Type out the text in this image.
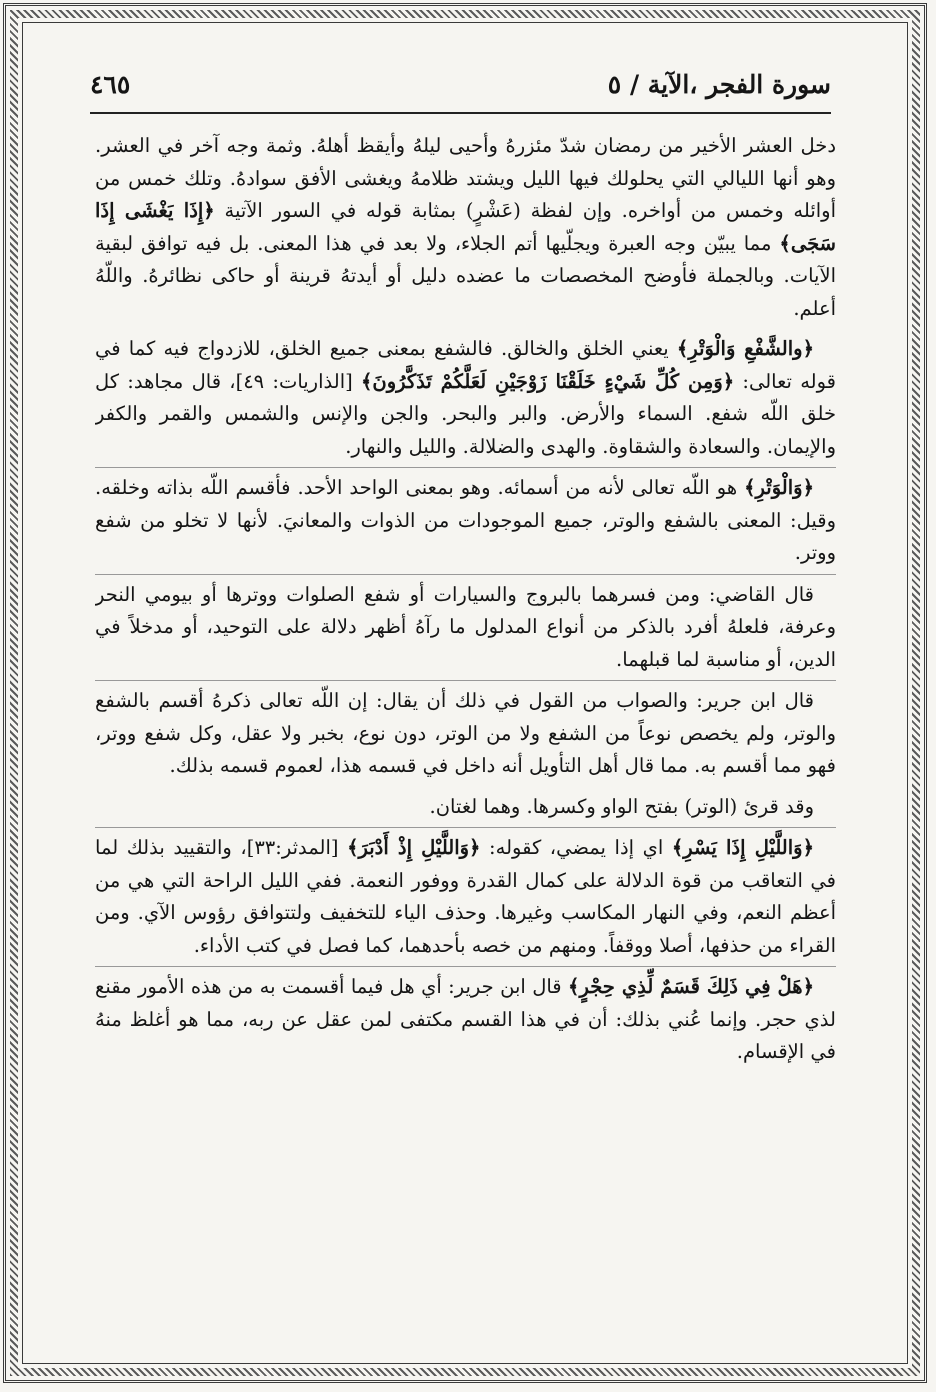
سورة الفجر ،الآية / ٥
٤٦٥

دخل العشر الأخير من رمضان شدّ مئزرهُ وأحيى ليلهُ وأيقظ أهلهُ. وثمة وجه آخر في العشر. وهو أنها الليالي التي يحلولك فيها الليل ويشتد ظلامهُ ويغشى الأفق سوادهُ. وتلك خمس من أوائله وخمس من أواخره. وإن لفظة (عَشْرٍ) بمثابة قوله في السور الآتية ﴿إِذَا يَغْشَى إِذَا سَجَى﴾ مما يبيّن وجه العبرة ويجلّيها أتم الجلاء، ولا بعد في هذا المعنى. بل فيه توافق لبقية الآيات. وبالجملة فأوضح المخصصات ما عضده دليل أو أيدتهُ قرينة أو حاكى نظائرهُ. واللّهُ أعلم.

﴿والشَّفْعِ وَالْوَتْرِ﴾ يعني الخلق والخالق. فالشفع بمعنى جميع الخلق، للازدواج فيه كما في قوله تعالى: ﴿وَمِن كُلِّ شَيْءٍ خَلَقْنَا زَوْجَيْنِ لَعَلَّكُمْ تَذَكَّرُونَ﴾ [الذاريات: ٤٩]، قال مجاهد: كل خلق اللّه شفع. السماء والأرض. والبر والبحر. والجن والإنس والشمس والقمر والكفر والإيمان. والسعادة والشقاوة. والهدى والضلالة. والليل والنهار.

﴿وَالْوَتْرِ﴾ هو اللّه تعالى لأنه من أسمائه. وهو بمعنى الواحد الأحد. فأقسم اللّه بذاته وخلقه. وقيل: المعنى بالشفع والوتر، جميع الموجودات من الذوات والمعانيَ. لأنها لا تخلو من شفع ووتر.

قال القاضي: ومن فسرهما بالبروج والسيارات أو شفع الصلوات ووترها أو بيومي النحر وعرفة، فلعلهُ أفرد بالذكر من أنواع المدلول ما رآهُ أظهر دلالة على التوحيد، أو مدخلاً في الدين، أو مناسبة لما قبلهما.

قال ابن جرير: والصواب من القول في ذلك أن يقال: إن اللّه تعالى ذكرهُ أقسم بالشفع والوتر، ولم يخصص نوعاً من الشفع ولا من الوتر، دون نوع، بخبر ولا عقل، وكل شفع ووتر، فهو مما أقسم به. مما قال أهل التأويل أنه داخل في قسمه هذا، لعموم قسمه بذلك.

وقد قرئ (الوتر) بفتح الواو وكسرها. وهما لغتان.

﴿وَاللَّيْلِ إِذَا يَسْرِ﴾ اي إذا يمضي، كقوله: ﴿وَاللَّيْلِ إِذْ أَدْبَرَ﴾ [المدثر:٣٣]، والتقييد بذلك لما في التعاقب من قوة الدلالة على كمال القدرة ووفور النعمة. ففي الليل الراحة التي هي من أعظم النعم، وفي النهار المكاسب وغيرها. وحذف الياء للتخفيف ولتتوافق رؤوس الآي. ومن القراء من حذفها، أصلا ووقفاً. ومنهم من خصه بأحدهما، كما فصل في كتب الأداء.

﴿هَلْ فِي ذَلِكَ قَسَمٌ لِّذِي حِجْرٍ﴾ قال ابن جرير: أي هل فيما أقسمت به من هذه الأمور مقنع لذي حجر. وإنما عُني بذلك: أن في هذا القسم مكتفى لمن عقل عن ربه، مما هو أغلظ منهُ في الإقسام.
